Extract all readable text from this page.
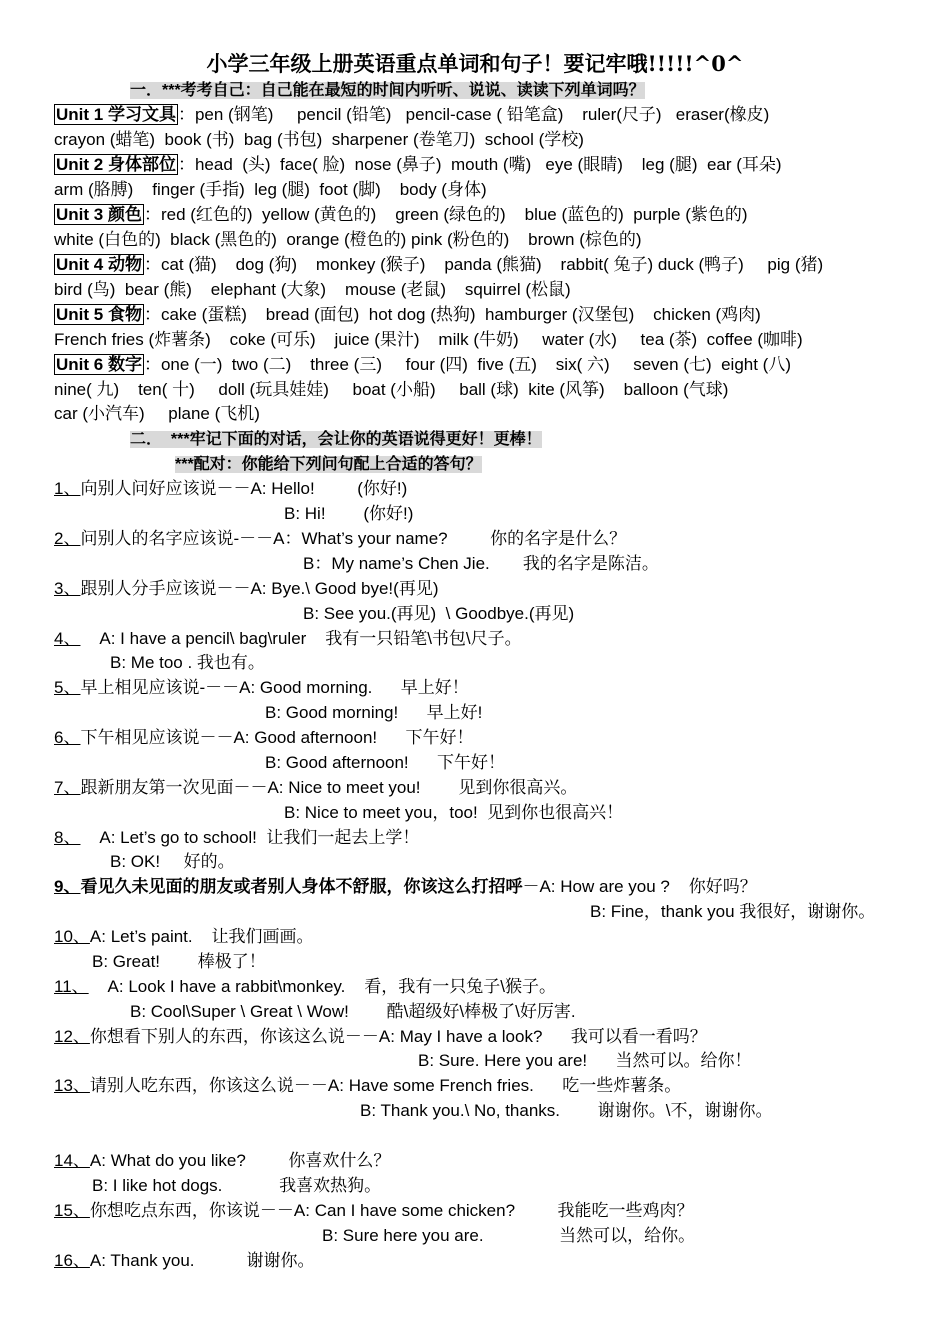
小学三年级上册英语重点单词和句子！要记牢哦!!!!!^0^
一．***考考自己：自己能在最短的时间内听听、说说、读读下列单词吗？
Unit 1 学习文具 ：pen (钢笔)     pencil (铅笔)   pencil-case ( 铅笔盒)    ruler(尺子)   eraser(橡皮)
crayon (蜡笔)  book (书)  bag (书包)  sharpener (卷笔刀)  school (学校)
Unit 2 身体部位 ：head  (头)  face( 脸)  nose (鼻子)  mouth (嘴)   eye (眼睛)    leg (腿)  ear (耳朵)
arm (胳膊)    finger (手指)  leg (腿)  foot (脚)    body (身体)
Unit 3 颜色 ：red (红色的)  yellow (黄色的)    green (绿色的)    blue (蓝色的)  purple (紫色的)
white (白色的)  black (黑色的)  orange (橙色的) pink (粉色的)    brown (棕色的)
Unit 4 动物 ：cat (猫)    dog (狗)    monkey (猴子)    panda (熊猫)    rabbit( 兔子) duck (鸭子)     pig (猪)
bird (鸟)  bear (熊)    elephant (大象)    mouse (老鼠)    squirrel (松鼠)
Unit 5 食物 ：cake (蛋糕)    bread (面包)  hot dog (热狗)  hamburger (汉堡包)    chicken (鸡肉)
French fries (炸薯条)    coke (可乐)    juice (果汁)    milk (牛奶)     water (水)     tea (茶)  coffee (咖啡)
Unit 6 数字 ：one (一)  two (二)    three (三)     four (四)  five (五)    six( 六)     seven (七)  eight (八)
nine( 九)    ten( 十)     doll (玩具娃娃)     boat (小船)     ball (球)  kite (风筝)    balloon (气球)
car (小汽车)     plane (飞机)
二．  ***牢记下面的对话，会让你的英语说得更好！更棒！
***配对：你能给下列问句配上合适的答句？
1、向别人问好应该说－－A: Hello!         (你好!)
B: Hi!        (你好!)
2、问别人的名字应该说-－－A：What’s your name?         你的名字是什么？
B：My name’s Chen Jie.       我的名字是陈洁。
3、跟别人分手应该说－－A: Bye.\ Good bye!(再见)
B: See you.(再见)  \ Goodbye.(再见)
4、    A: I have a pencil\ bag\ruler    我有一只铅笔\书包\尺子。
B: Me too . 我也有。
5、早上相见应该说-－－A: Good morning.      早上好！
B: Good morning!      早上好!
6、下午相见应该说－－A: Good afternoon!      下午好！
B: Good afternoon!      下午好！
7、跟新朋友第一次见面－－A: Nice to meet you!        见到你很高兴。
B: Nice to meet you，too!  见到你也很高兴！
8、    A: Let’s go to school!  让我们一起去上学！
B: OK!     好的。
9、看见久未见面的朋友或者别人身体不舒服，你该这么打招呼－A: How are you ?    你好吗？
B: Fine，thank you 我很好，谢谢你。
10、A: Let’s paint.    让我们画画。
B: Great!        棒极了！
11、    A: Look I have a rabbit\monkey.    看，我有一只兔子\猴子。
B: Cool\Super \ Great \ Wow!        酷\超级好\棒极了\好厉害.
12、你想看下别人的东西，你该这么说－－A: May I have a look?      我可以看一看吗？
B: Sure. Here you are!      当然可以。给你！
13、请别人吃东西，你该这么说－－A: Have some French fries.      吃一些炸薯条。
B: Thank you.\ No, thanks.        谢谢你。\不，谢谢你。
14、A: What do you like?         你喜欢什么？
B: I like hot dogs.            我喜欢热狗。
15、你想吃点东西，你该说－－A: Can I have some chicken?         我能吃一些鸡肉？
B: Sure here you are.                当然可以，给你。
16、A: Thank you.           谢谢你。
